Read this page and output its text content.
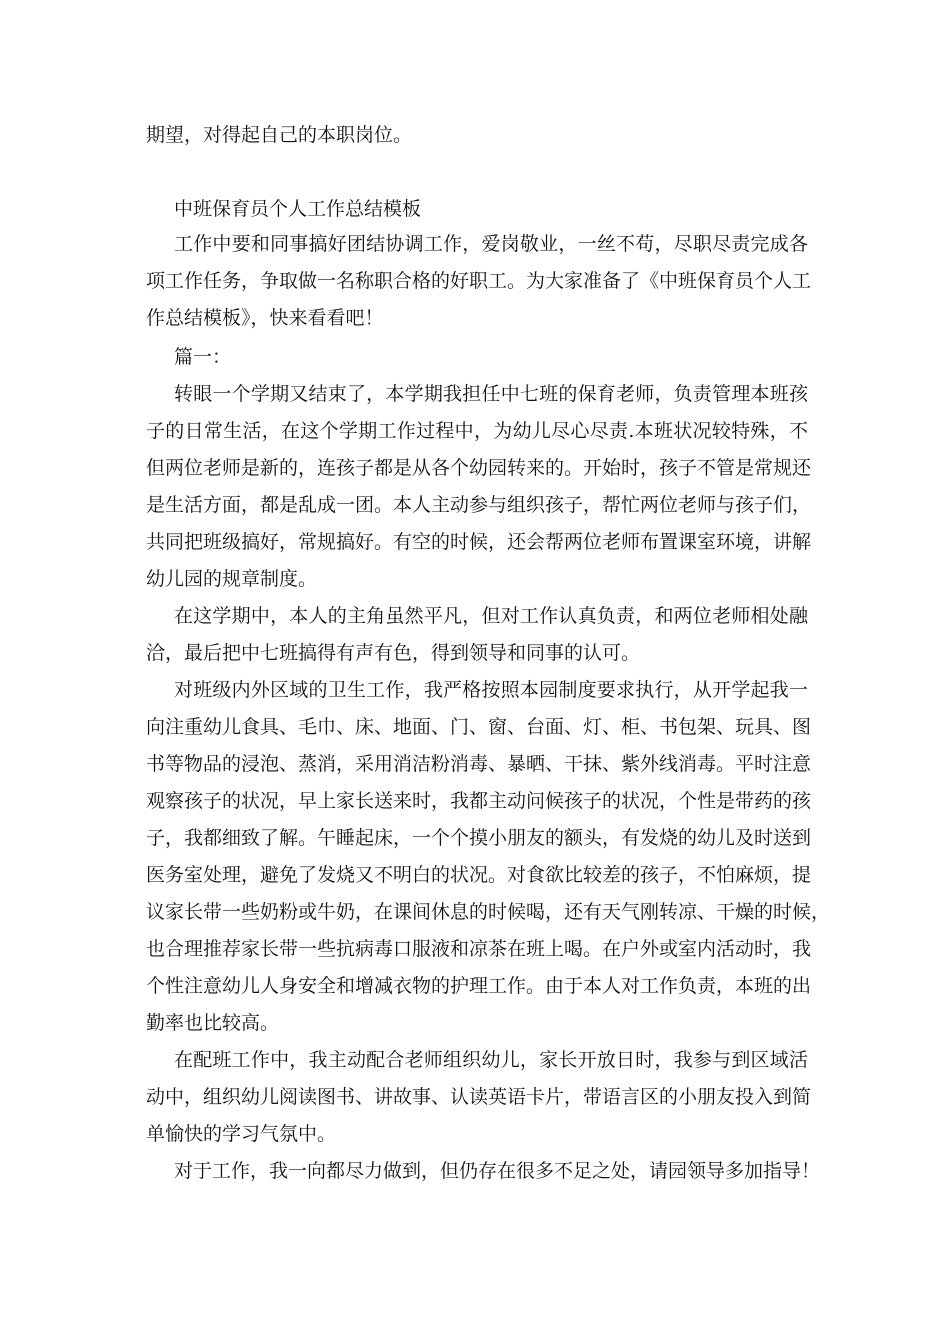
期望，对得起自己的本职岗位。
中班保育员个人工作总结模板
工作中要和同事搞好团结协调工作，爱岗敬业，一丝不苟，尽职尽责完成各
项工作任务，争取做一名称职合格的好职工。为大家准备了《中班保育员个人工
作总结模板》，快来看看吧！
篇一：
转眼一个学期又结束了，本学期我担任中七班的保育老师，负责管理本班孩
子的日常生活，在这个学期工作过程中，为幼儿尽心尽责.本班状况较特殊，不
但两位老师是新的，连孩子都是从各个幼园转来的。开始时，孩子不管是常规还
是生活方面，都是乱成一团。本人主动参与组织孩子，帮忙两位老师与孩子们，
共同把班级搞好，常规搞好。有空的时候，还会帮两位老师布置课室环境，讲解
幼儿园的规章制度。
在这学期中，本人的主角虽然平凡，但对工作认真负责，和两位老师相处融
洽，最后把中七班搞得有声有色，得到领导和同事的认可。
对班级内外区域的卫生工作，我严格按照本园制度要求执行，从开学起我一
向注重幼儿食具、毛巾、床、地面、门、窗、台面、灯、柜、书包架、玩具、图
书等物品的浸泡、蒸消，采用消洁粉消毒、暴晒、干抹、紫外线消毒。平时注意
观察孩子的状况，早上家长送来时，我都主动问候孩子的状况，个性是带药的孩
子，我都细致了解。午睡起床，一个个摸小朋友的额头，有发烧的幼儿及时送到
医务室处理，避免了发烧又不明白的状况。对食欲比较差的孩子，不怕麻烦，提
议家长带一些奶粉或牛奶，在课间休息的时候喝，还有天气刚转凉、干燥的时候，
也合理推荐家长带一些抗病毒口服液和凉茶在班上喝。在户外或室内活动时，我
个性注意幼儿人身安全和增减衣物的护理工作。由于本人对工作负责，本班的出
勤率也比较高。
在配班工作中，我主动配合老师组织幼儿，家长开放日时，我参与到区域活
动中，组织幼儿阅读图书、讲故事、认读英语卡片，带语言区的小朋友投入到简
单愉快的学习气氛中。
对于工作，我一向都尽力做到，但仍存在很多不足之处，请园领导多加指导！
